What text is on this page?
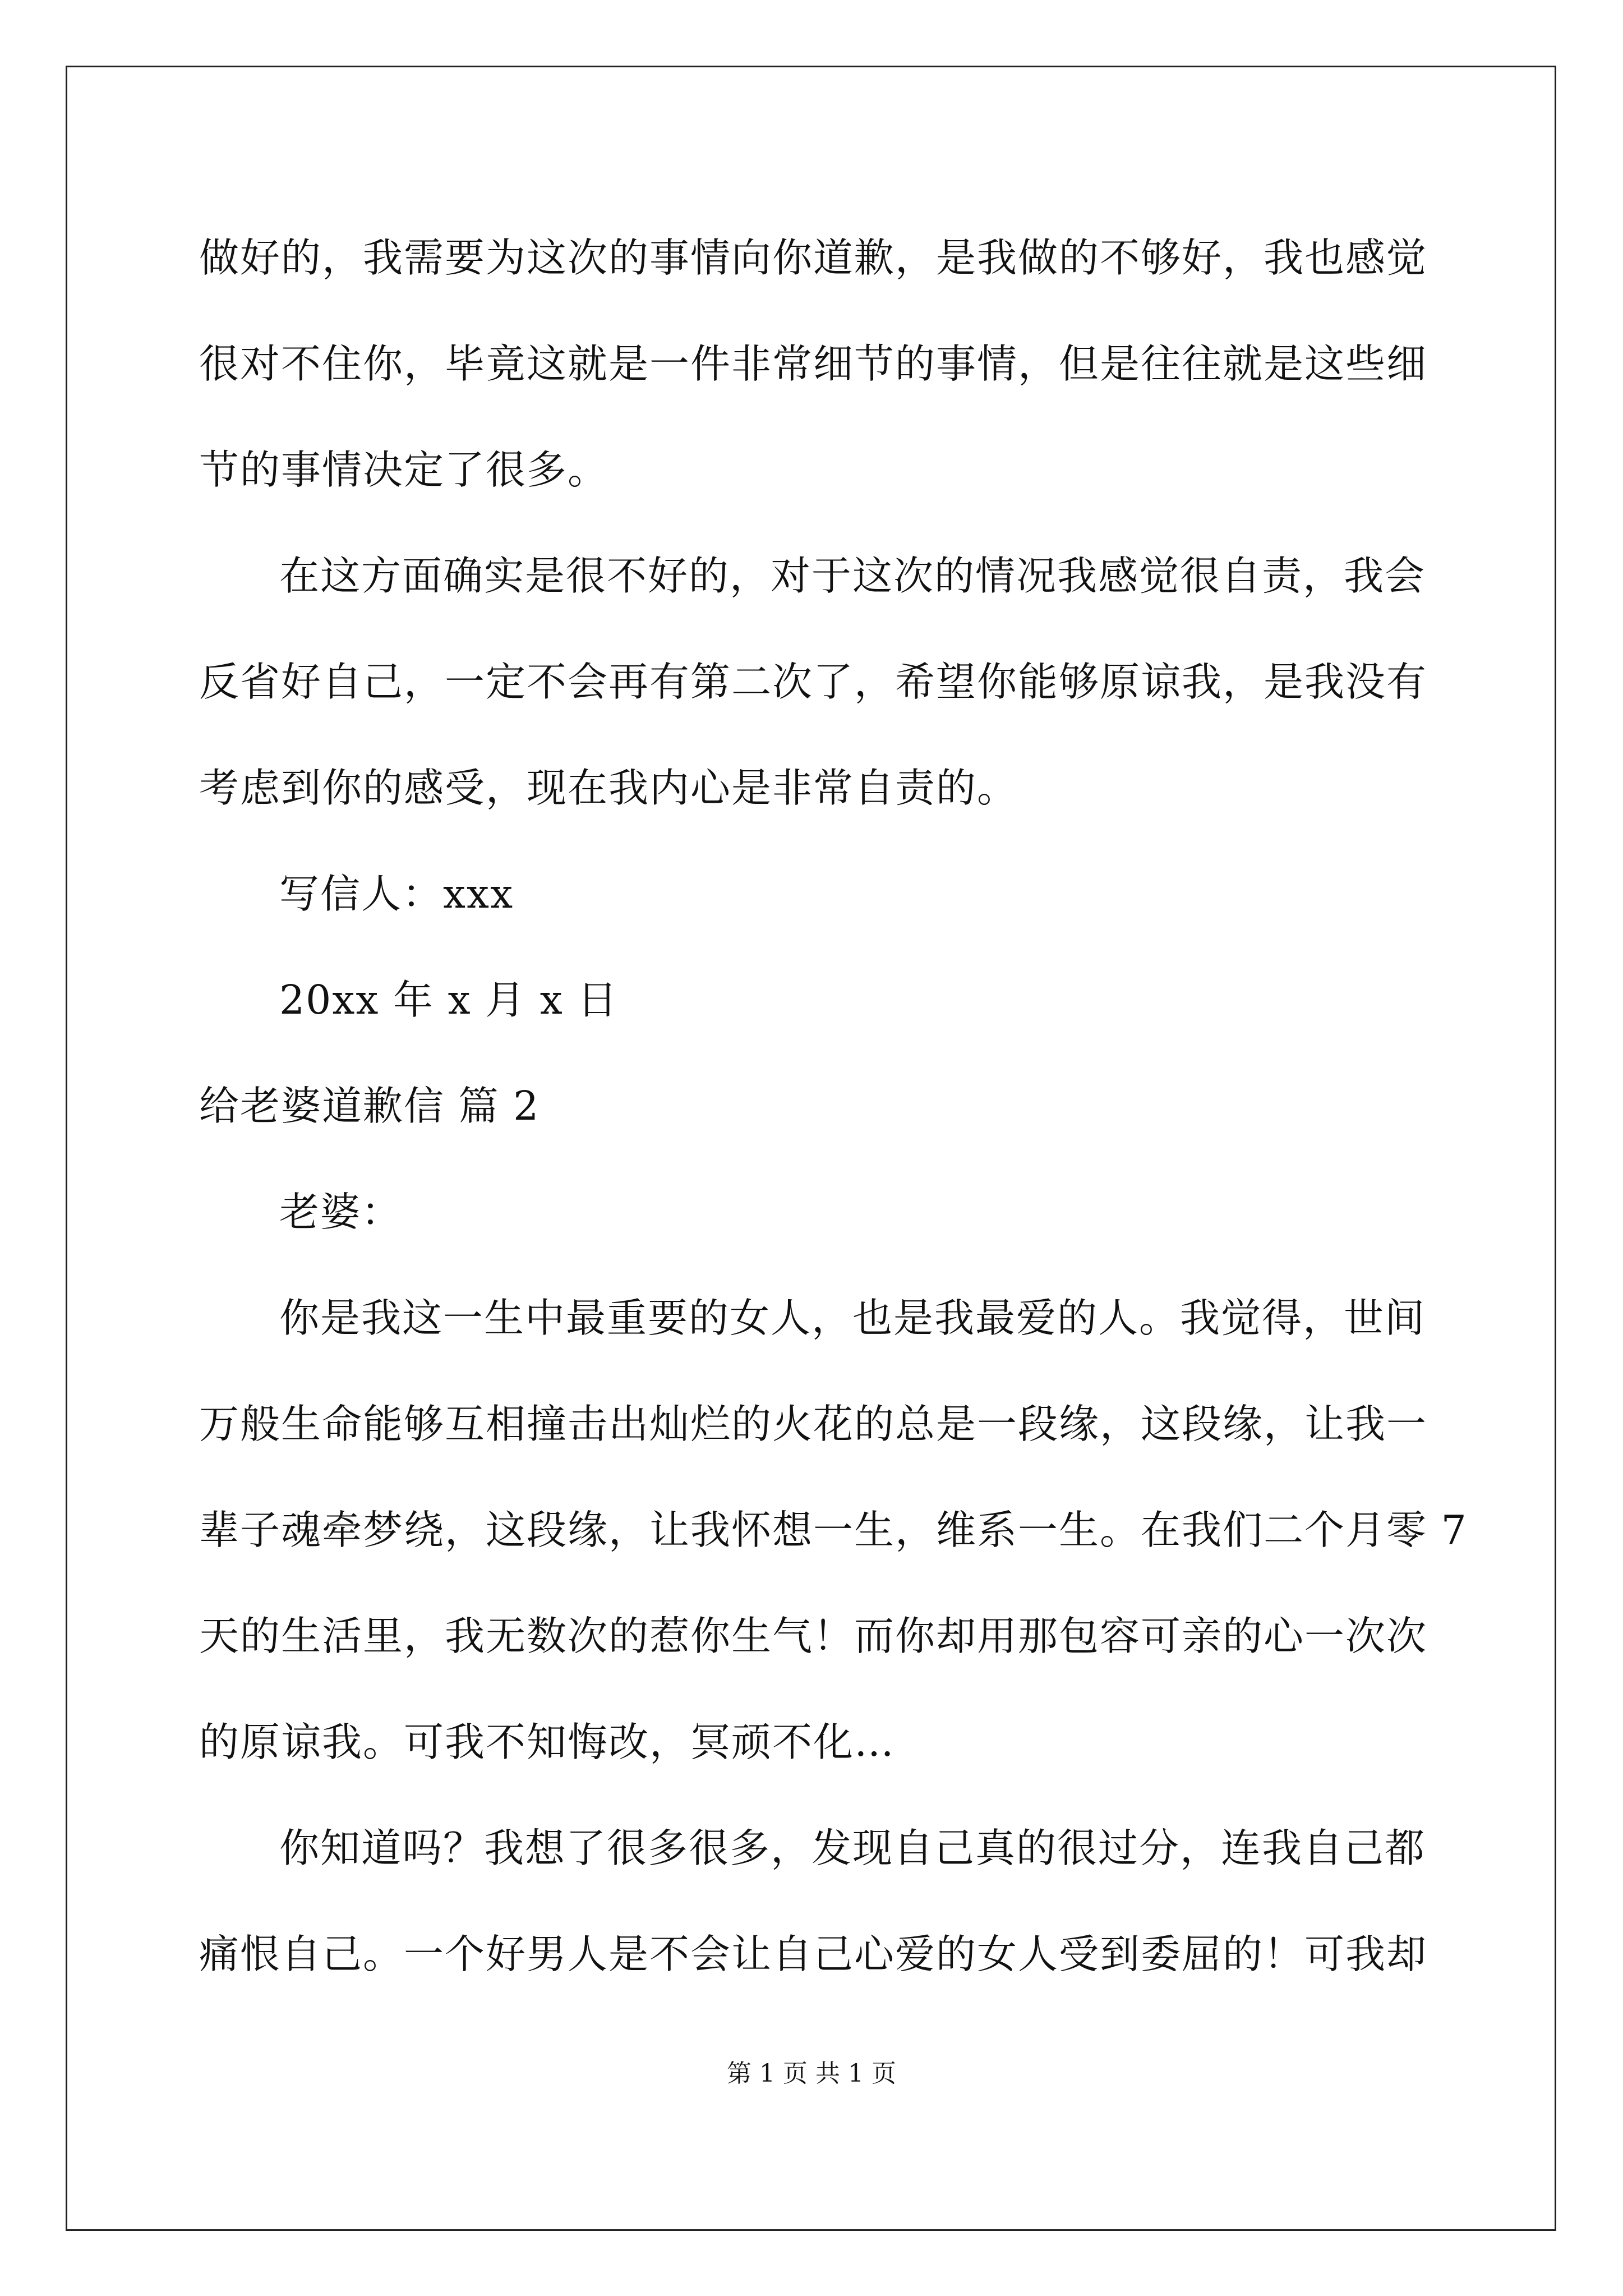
做好的，我需要为这次的事情向你道歉，是我做的不够好，我也感觉
很对不住你，毕竟这就是一件非常细节的事情，但是往往就是这些细
节的事情决定了很多。
在这方面确实是很不好的，对于这次的情况我感觉很自责，我会
反省好自己，一定不会再有第二次了，希望你能够原谅我，是我没有
考虑到你的感受，现在我内心是非常自责的。
写信人：xxx
20xx 年 x 月 x 日
给老婆道歉信 篇 2
老婆：
你是我这一生中最重要的女人，也是我最爱的人。我觉得，世间
万般生命能够互相撞击出灿烂的火花的总是一段缘，这段缘，让我一
辈子魂牵梦绕，这段缘，让我怀想一生，维系一生。在我们二个月零 7
天的生活里，我无数次的惹你生气！而你却用那包容可亲的心一次次
的原谅我。可我不知悔改，冥顽不化…
你知道吗？我想了很多很多，发现自己真的很过分，连我自己都
痛恨自己。一个好男人是不会让自己心爱的女人受到委屈的！可我却
第 1 页 共 1 页
